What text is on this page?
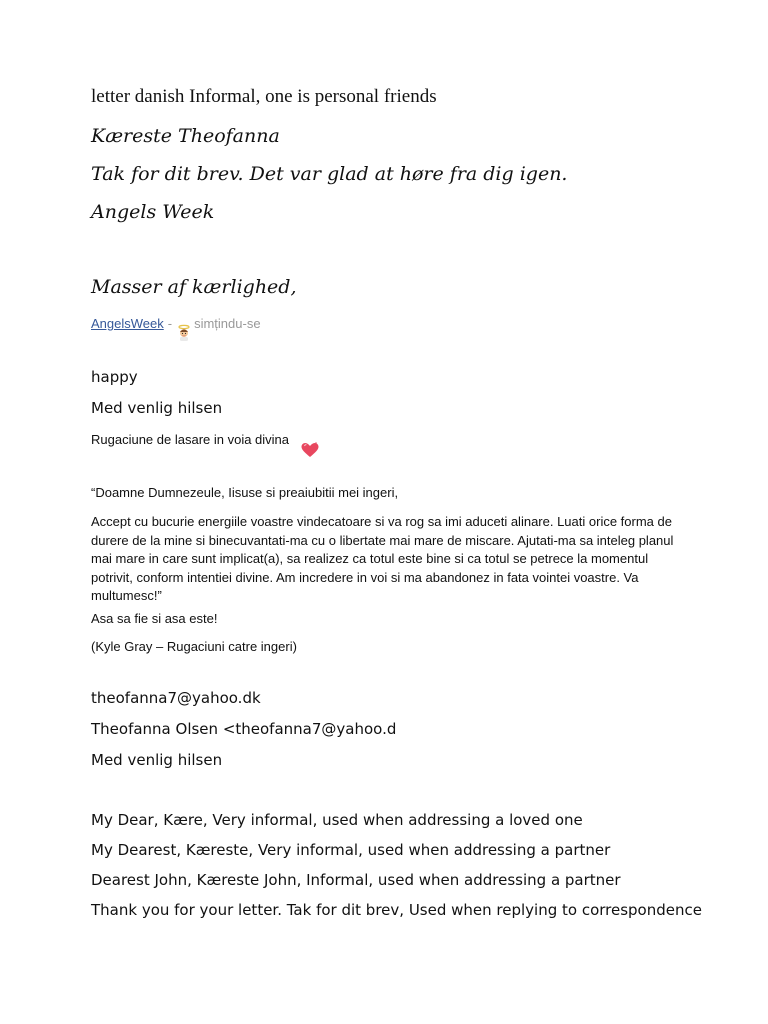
letter danish Informal, one is personal friends
Kæreste Theofanna
Tak for dit brev. Det var glad at høre fra dig igen.
Angels Week
Masser af kærlighed,
AngelsWeek - simțindu-se
happy
Med venlig hilsen
Rugaciune de lasare in voia divina
“Doamne Dumnezeule, Iisuse si preaiubitii mei ingeri,
Accept cu bucurie energiile voastre vindecatoare si va rog sa imi aduceti alinare. Luati orice forma de durere de la mine si binecuvantati-ma cu o libertate mai mare de miscare. Ajutati-ma sa inteleg planul mai mare in care sunt implicat(a), sa realizez ca totul este bine si ca totul se petrece la momentul potrivit, conform intentiei divine. Am incredere in voi si ma abandonez in fata vointei voastre. Va multumesc!”
Asa sa fie si asa este!
(Kyle Gray – Rugaciuni catre ingeri)
theofanna7@yahoo.dk
Theofanna Olsen <theofanna7@yahoo.d
Med venlig hilsen
My Dear, Kære, Very informal, used when addressing a loved one
My Dearest, Kæreste, Very informal, used when addressing a partner
Dearest John, Kæreste John, Informal, used when addressing a partner
Thank you for your letter. Tak for dit brev, Used when replying to correspondence
